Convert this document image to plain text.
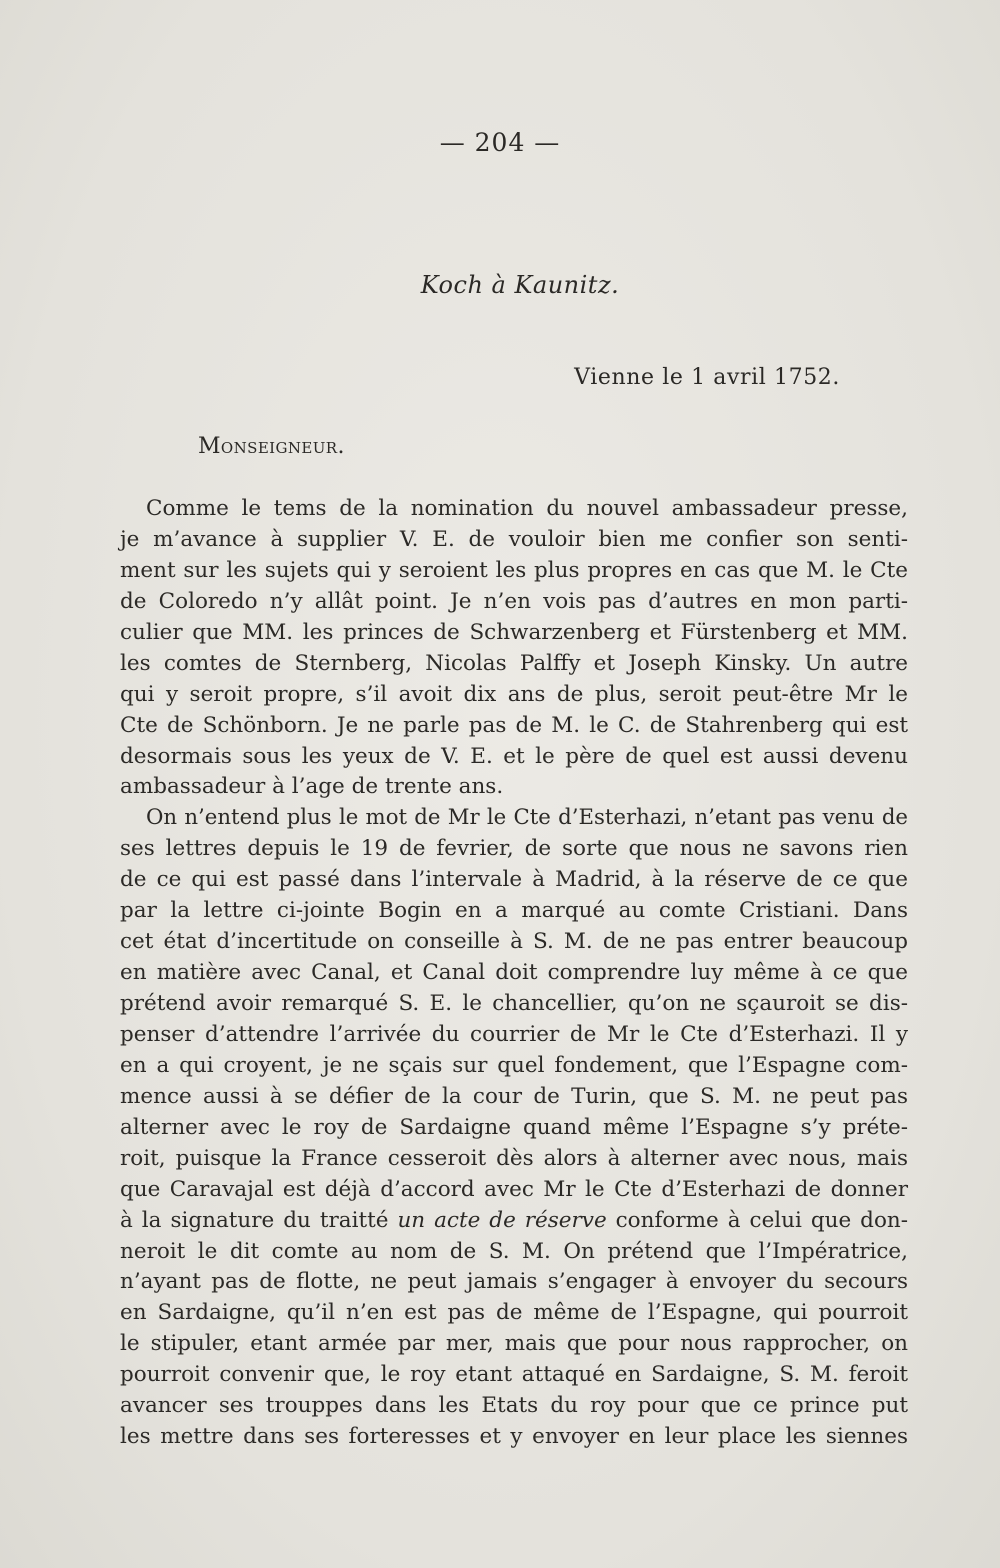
— 204 —
Koch à Kaunitz.
Vienne le 1 avril 1752.
Monseigneur.
Comme le tems de la nomination du nouvel ambassadeur presse,
je m’avance à supplier V. E. de vouloir bien me confier son senti-
ment sur les sujets qui y seroient les plus propres en cas que M. le Cte
de Coloredo n’y allât point. Je n’en vois pas d’autres en mon parti-
culier que MM. les princes de Schwarzenberg et Fürstenberg et MM.
les comtes de Sternberg, Nicolas Palffy et Joseph Kinsky. Un autre
qui y seroit propre, s’il avoit dix ans de plus, seroit peut-être Mr le
Cte de Schönborn. Je ne parle pas de M. le C. de Stahrenberg qui est
desormais sous les yeux de V. E. et le père de quel est aussi devenu
ambassadeur à l’age de trente ans.
On n’entend plus le mot de Mr le Cte d’Esterhazi, n’etant pas venu de
ses lettres depuis le 19 de fevrier, de sorte que nous ne savons rien
de ce qui est passé dans l’intervale à Madrid, à la réserve de ce que
par la lettre ci-jointe Bogin en a marqué au comte Cristiani. Dans
cet état d’incertitude on conseille à S. M. de ne pas entrer beaucoup
en matière avec Canal, et Canal doit comprendre luy même à ce que
prétend avoir remarqué S. E. le chancellier, qu’on ne sçauroit se dis-
penser d’attendre l’arrivée du courrier de Mr le Cte d’Esterhazi. Il y
en a qui croyent, je ne sçais sur quel fondement, que l’Espagne com-
mence aussi à se défier de la cour de Turin, que S. M. ne peut pas
alterner avec le roy de Sardaigne quand même l’Espagne s’y préte-
roit, puisque la France cesseroit dès alors à alterner avec nous, mais
que Caravajal est déjà d’accord avec Mr le Cte d’Esterhazi de donner
à la signature du traitté un acte de réserve conforme à celui que don-
neroit le dit comte au nom de S. M. On prétend que l’Impératrice,
n’ayant pas de flotte, ne peut jamais s’engager à envoyer du secours
en Sardaigne, qu’il n’en est pas de même de l’Espagne, qui pourroit
le stipuler, etant armée par mer, mais que pour nous rapprocher, on
pourroit convenir que, le roy etant attaqué en Sardaigne, S. M. feroit
avancer ses trouppes dans les Etats du roy pour que ce prince put
les mettre dans ses forteresses et y envoyer en leur place les siennes
